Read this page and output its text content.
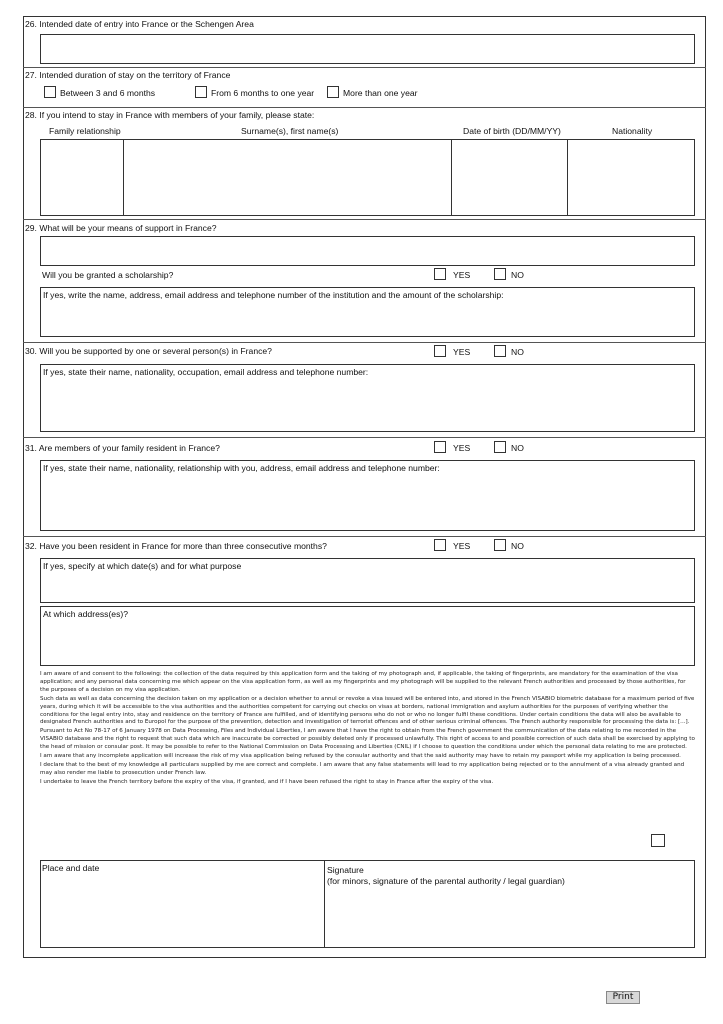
26. Intended date of entry into France or the Schengen Area
27. Intended duration of stay on the territory of France
Between 3 and 6 months	From 6 months to one year	More than one year
28. If you intend to stay in France with members of your family, please state:
Family relationship	Surname(s), first name(s)	Date of birth (DD/MM/YY)	Nationality
29. What will be your means of support in France?
Will you be granted a scholarship?	YES	NO
If yes, write the name, address, email address and telephone number of the institution and the amount of the scholarship:
30. Will you be supported by one or several person(s) in France?	YES	NO
If yes, state their name, nationality, occupation, email address and telephone number:
31. Are members of your family resident in France?	YES	NO
If yes, state their name, nationality, relationship with you, address, email address and telephone number:
32. Have you been resident in France for more than three consecutive months?	YES	NO
If yes, specify at which date(s) and for what purpose
At which address(es)?

I am aware of and consent to the following: the collection of the data required by this application form and the taking of my photograph and, if applicable, the taking of fingerprints, are mandatory for the examination of the visa application; and any personal data concerning me which appear on the visa application form, as well as my fingerprints and my photograph will be supplied to the relevant French authorities and processed by those authorities, for the purposes of a decision on my visa application.

Such data as well as data concerning the decision taken on my application or a decision whether to annul or revoke a visa issued will be entered into, and stored in the French VISABIO biometric database for a maximum period of five years, during which it will be accessible to the visa authorities and the authorities competent for carrying out checks on visas at borders, national immigration and asylum authorities for the purposes of verifying whether the conditions for the legal entry into, stay and residence on the territory of France are fulfilled, and of identifying persons who do not or who no longer fulfil these conditions. Under certain conditions the data will also be available to designated French authorities and to Europol for the purpose of the prevention, detection and investigation of terrorist offences and of other serious criminal offences. The French authority responsible for processing the data is: [...].

Pursuant to Act No 78-17 of 6 January 1978 on Data Processing, Files and Individual Liberties, I am aware that I have the right to obtain from the French government the communication of the data relating to me recorded in the VISABIO database and the right to request that such data which are inaccurate be corrected or possibly deleted only if processed unlawfully. This right of access to and possible correction of such data shall be exercised by applying to the head of mission or consular post. It may be possible to refer to the National Commission on Data Processing and Liberties (CNIL) if I choose to question the conditions under which the personal data relating to me are protected.

I am aware that any incomplete application will increase the risk of my visa application being refused by the consular authority and that the said authority may have to retain my passport while my application is being processed.

I declare that to the best of my knowledge all particulars supplied by me are correct and complete. I am aware that any false statements will lead to my application being rejected or to the annulment of a visa already granted and may also render me liable to prosecution under French law.

I undertake to leave the French territory before the expiry of the visa, if granted, and if I have been refused the right to stay in France after the expiry of the visa.

Place and date	Signature
(for minors, signature of the parental authority / legal guardian)
Print
